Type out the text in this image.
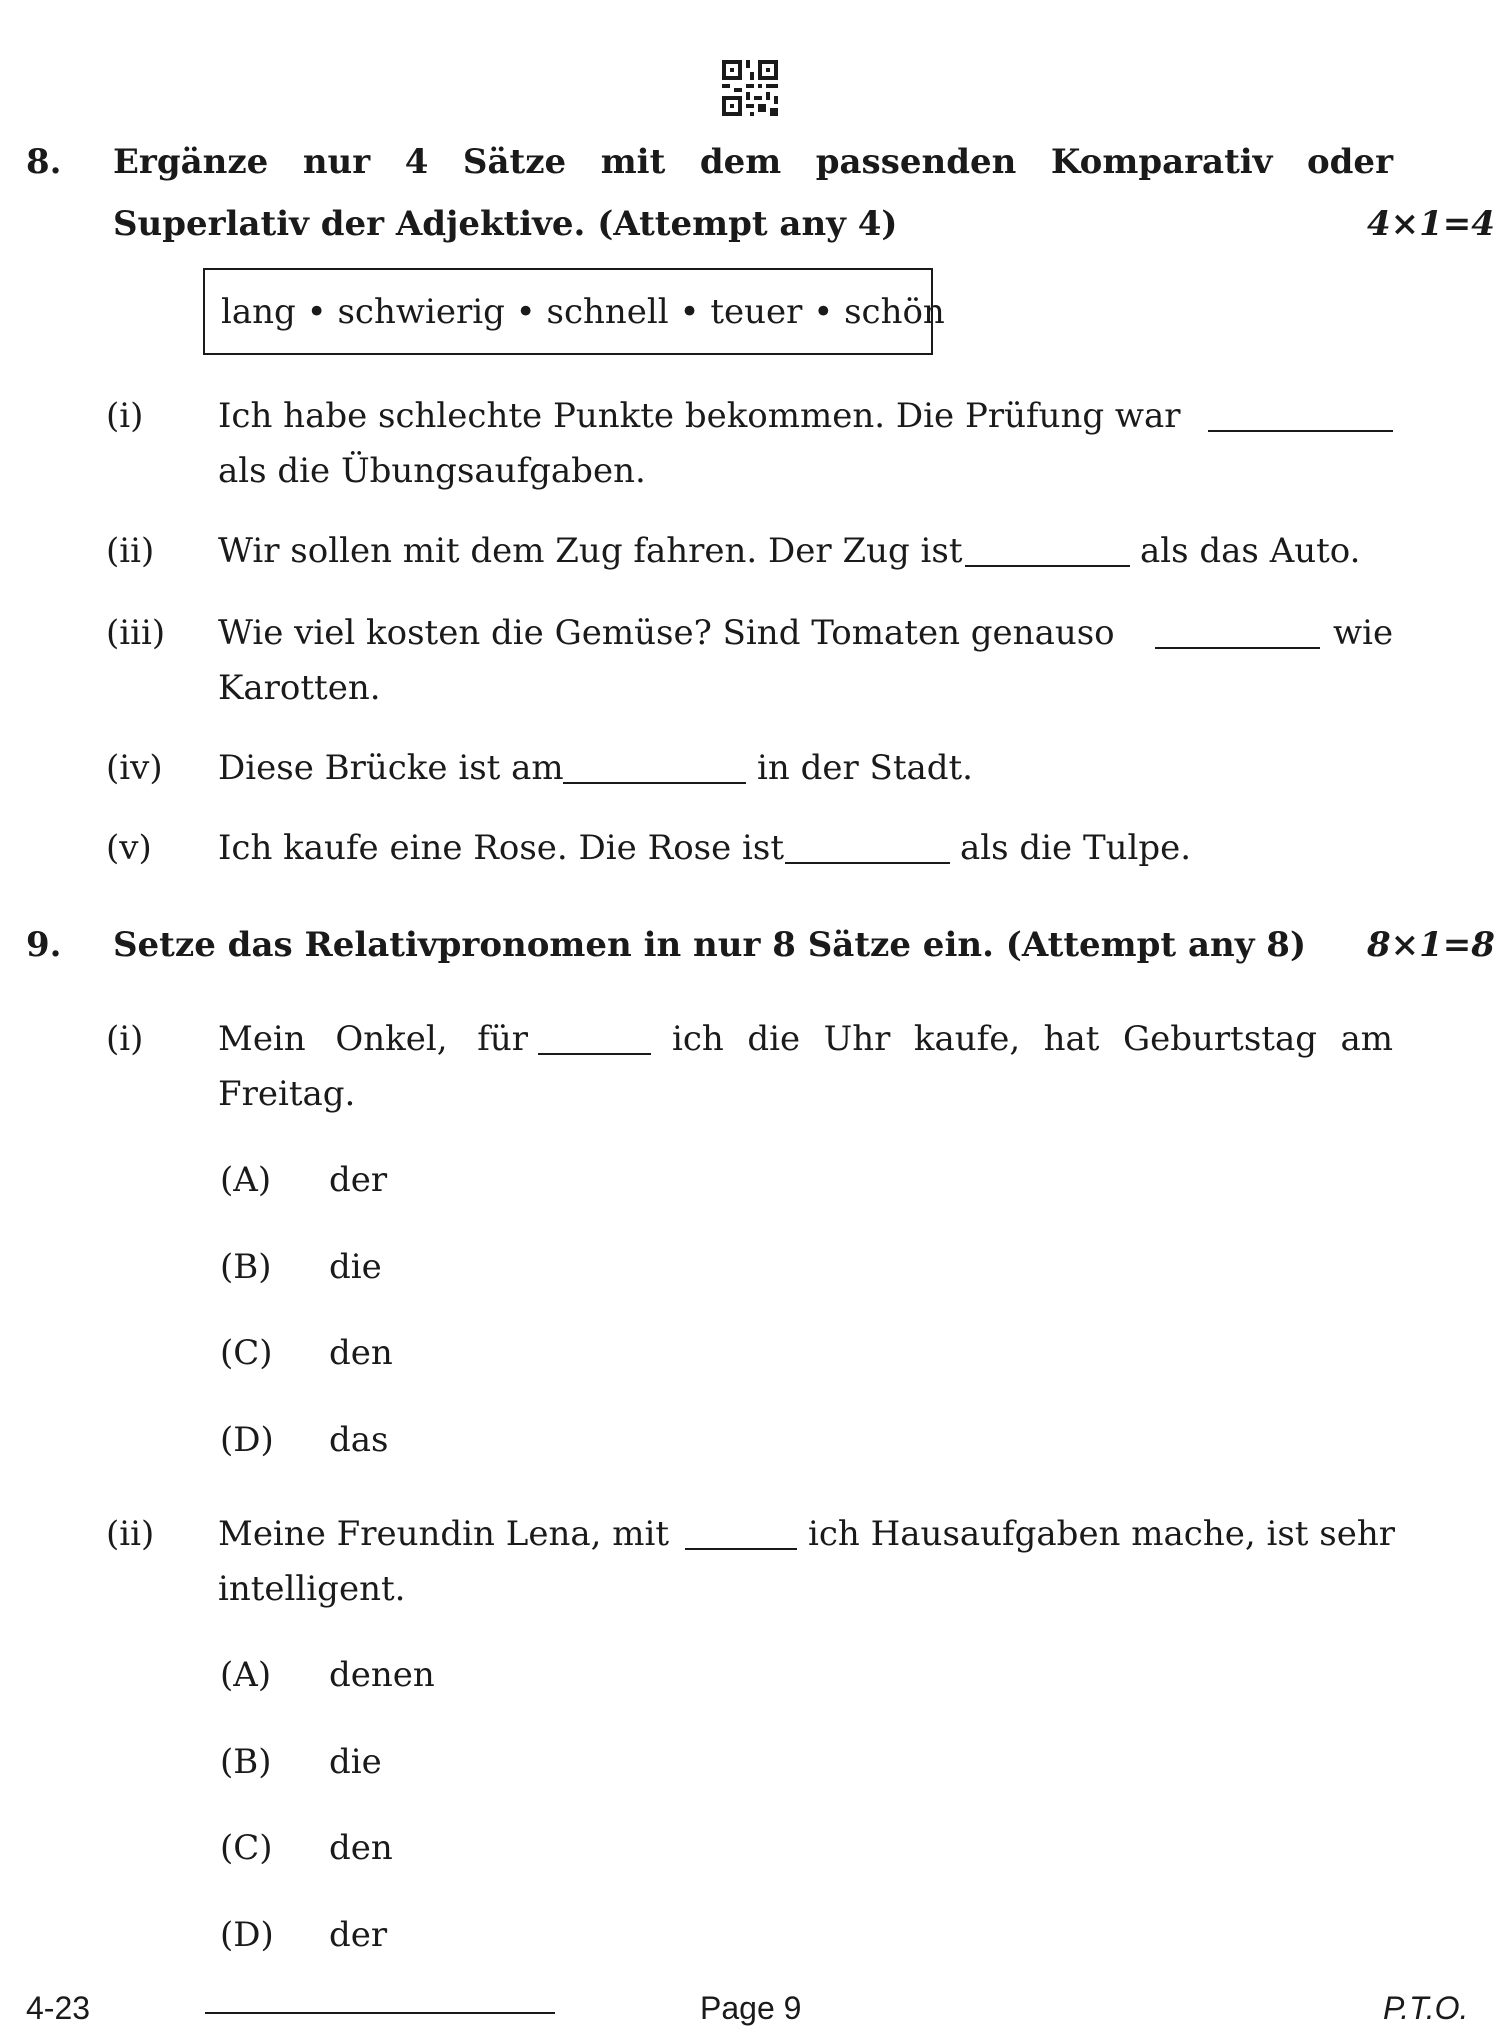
8. Ergänze nur 4 Sätze mit dem passenden Komparativ oder
Superlativ der Adjektive. (Attempt any 4)	4×1=4
lang • schwierig • schnell • teuer • schön
(i) Ich habe schlechte Punkte bekommen. Die Prüfung war
als die Übungsaufgaben.
(ii) Wir sollen mit dem Zug fahren. Der Zug ist	als das Auto.
(iii) Wie viel kosten die Gemüse? Sind Tomaten genauso	wie
Karotten.
(iv) Diese Brücke ist am	in der Stadt.
(v) Ich kaufe eine Rose. Die Rose ist	als die Tulpe.
9. Setze das Relativpronomen in nur 8 Sätze ein. (Attempt any 8) 8×1=8
(i) Mein Onkel, für	ich die Uhr kaufe, hat Geburtstag am
Freitag.
(A) der
(B) die
(C) den
(D) das
(ii) Meine Freundin Lena, mit	ich Hausaufgaben mache, ist sehr
intelligent.
(A) denen
(B) die
(C) den
(D) der
4-23	Page 9	P.T.O.
